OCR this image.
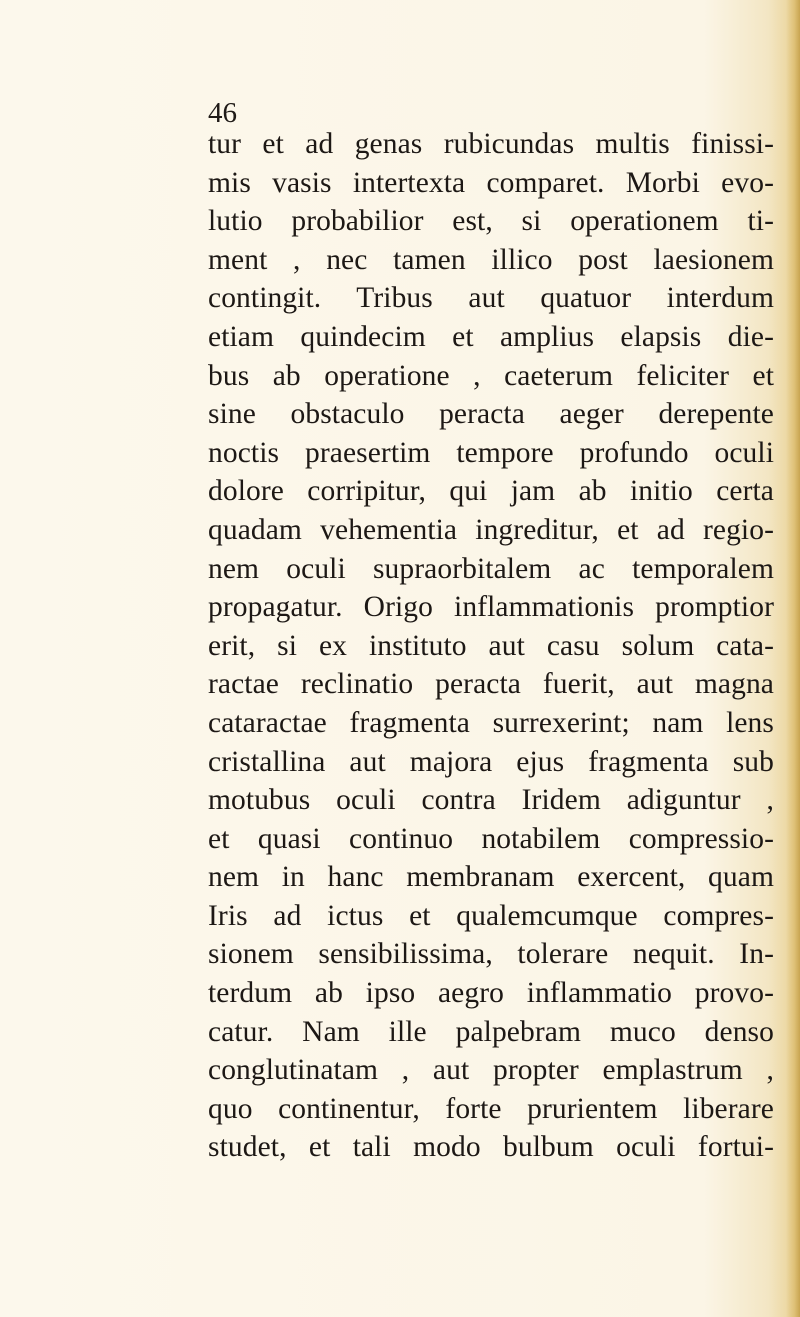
46
tur et ad genas rubicundas multis finissi-
mis vasis intertexta comparet. Morbi evo-
lutio probabilior est, si operationem ti-
ment , nec tamen illico post laesionem
contingit. Tribus aut quatuor interdum
etiam quindecim et amplius elapsis die-
bus ab operatione , caeterum feliciter et
sine obstaculo peracta aeger derepente
noctis praesertim tempore profundo oculi
dolore corripitur, qui jam ab initio certa
quadam vehementia ingreditur, et ad regio-
nem oculi supraorbitalem ac temporalem
propagatur. Origo inflammationis promptior
erit, si ex instituto aut casu solum cata-
ractae reclinatio peracta fuerit, aut magna
cataractae fragmenta surrexerint; nam lens
cristallina aut majora ejus fragmenta sub
motubus oculi contra Iridem adiguntur ,
et quasi continuo notabilem compressio-
nem in hanc membranam exercent, quam
Iris ad ictus et qualemcumque compres-
sionem sensibilissima, tolerare nequit. In-
terdum ab ipso aegro inflammatio provo-
catur. Nam ille palpebram muco denso
conglutinatam , aut propter emplastrum ,
quo continentur, forte prurientem liberare
studet, et tali modo bulbum oculi fortui-
